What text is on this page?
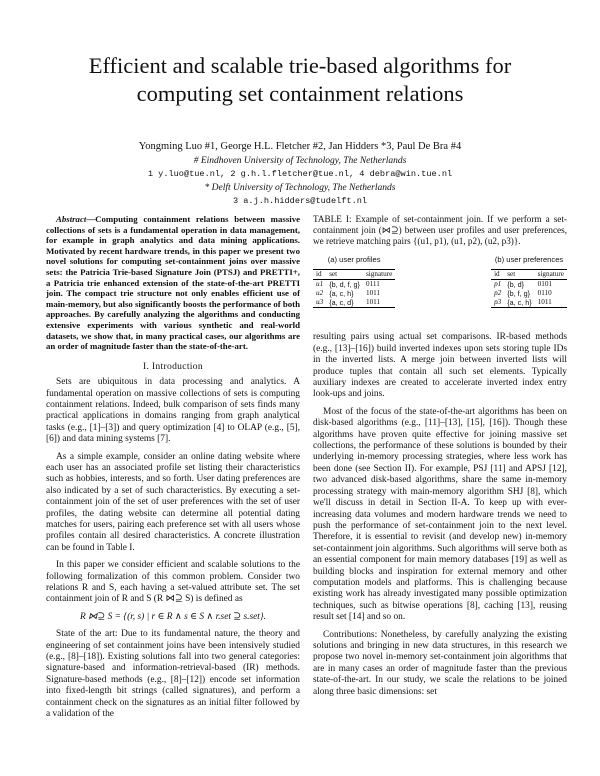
Efficient and scalable trie-based algorithms for
computing set containment relations
Yongming Luo #1, George H.L. Fletcher #2, Jan Hidders *3, Paul De Bra #4
# Eindhoven University of Technology, The Netherlands
1 y.luo@tue.nl, 2 g.h.l.fletcher@tue.nl, 4 debra@win.tue.nl
* Delft University of Technology, The Netherlands
3 a.j.h.hidders@tudelft.nl

Abstract—Computing containment relations between massive collections of sets is a fundamental operation in data management, for example in graph analytics and data mining applications. Motivated by recent hardware trends, in this paper we present two novel solutions for computing set-containment joins over massive sets: the Patricia Trie-based Signature Join (PTSJ) and PRETTI+, a Patricia trie enhanced extension of the state-of-the-art PRETTI join. The compact trie structure not only enables efficient use of main-memory, but also significantly boosts the performance of both approaches. By carefully analyzing the algorithms and conducting extensive experiments with various synthetic and real-world datasets, we show that, in many practical cases, our algorithms are an order of magnitude faster than the state-of-the-art.

I. Introduction

Sets are ubiquitous in data processing and analytics. A fundamental operation on massive collections of sets is computing containment relations. Indeed, bulk comparison of sets finds many practical applications in domains ranging from graph analytical tasks (e.g., [1]–[3]) and query optimization [4] to OLAP (e.g., [5], [6]) and data mining systems [7].

As a simple example, consider an online dating website where each user has an associated profile set listing their characteristics such as hobbies, interests, and so forth. User dating preferences are also indicated by a set of such characteristics. By executing a set-containment join of the set of user preferences with the set of user profiles, the dating website can determine all potential dating matches for users, pairing each preference set with all users whose profiles contain all desired characteristics. A concrete illustration can be found in Table I.

In this paper we consider efficient and scalable solutions to the following formalization of this common problem. Consider two relations R and S, each having a set-valued attribute set. The set containment join of R and S (R ⋈⊇ S) is defined as

R ⋈⊇ S = {(r, s) | r ∈ R ∧ s ∈ S ∧ r.set ⊇ s.set}.

State of the art: Due to its fundamental nature, the theory and engineering of set containment joins have been intensively studied (e.g., [8]–[18]). Existing solutions fall into two general categories: signature-based and information-retrieval-based (IR) methods. Signature-based methods (e.g., [8]–[12]) encode set information into fixed-length bit strings (called signatures), and perform a containment check on the signatures as an initial filter followed by a validation of the

TABLE I: Example of set-containment join. If we perform a set-containment join (⋈⊇) between user profiles and user preferences, we retrieve matching pairs {(u1, p1), (u1, p2), (u2, p3)}.

(a) user profiles
id	set	signature
u1	{b, d, f, g}	0111
u2	{a, c, h}	1011
u3	{a, c, d}	1011
(b) user preferences
id	set	signature
p1	{b, d}	0101
p2	{b, f, g}	0110
p3	{a, c, h}	1011

resulting pairs using actual set comparisons. IR-based methods (e.g., [13]–[16]) build inverted indexes upon sets storing tuple IDs in the inverted lists. A merge join between inverted lists will produce tuples that contain all such set elements. Typically auxiliary indexes are created to accelerate inverted index entry look-ups and joins.

Most of the focus of the state-of-the-art algorithms has been on disk-based algorithms (e.g., [11]–[13], [15], [16]). Though these algorithms have proven quite effective for joining massive set collections, the performance of these solutions is bounded by their underlying in-memory processing strategies, where less work has been done (see Section II). For example, PSJ [11] and APSJ [12], two advanced disk-based algorithms, share the same in-memory processing strategy with main-memory algorithm SHJ [8], which we'll discuss in detail in Section II-A. To keep up with ever-increasing data volumes and modern hardware trends we need to push the performance of set-containment join to the next level. Therefore, it is essential to revisit (and develop new) in-memory set-containment join algorithms. Such algorithms will serve both as an essential component for main memory databases [19] as well as building blocks and inspiration for external memory and other computation models and platforms. This is challenging because existing work has already investigated many possible optimization techniques, such as bitwise operations [8], caching [13], reusing result set [14] and so on.

Contributions: Nonetheless, by carefully analyzing the existing solutions and bringing in new data structures, in this research we propose two novel in-memory set-containment join algorithms that are in many cases an order of magnitude faster than the previous state-of-the-art. In our study, we scale the relations to be joined along three basic dimensions: set
